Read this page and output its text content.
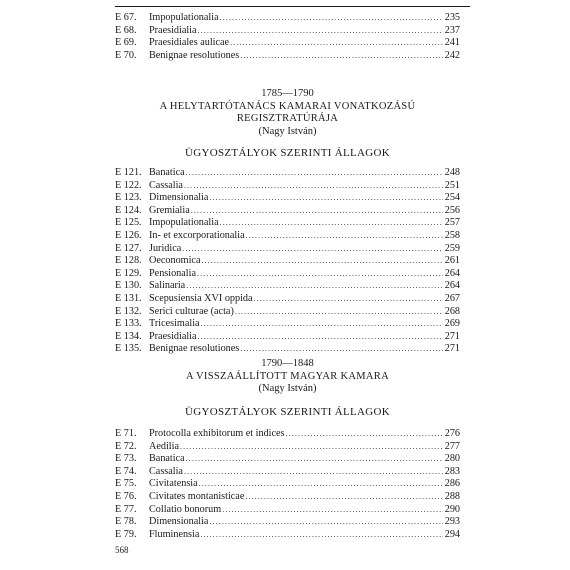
E 67.	Impopulationalia .....	235
E 68.	Praesidialia .....	237
E 69.	Praesidiales aulicae .....	241
E 70.	Benignae resolutiones .....	242
1785—1790
A HELYTARTÓTANÁCS KAMARAI VONATKOZÁSÚ
REGISZTRATÚRÁJA
(Nagy István)
ÜGYOSZTÁLYOK SZERINTI ÁLLAGOK
E 121. Banatica .....	248
E 122. Cassalia .....	251
E 123. Dimensionalia .....	254
E 124. Gremialia .....	256
E 125. Impopulationalia .....	257
E 126. In- et excorporationalia .....	258
E 127. Juridica .....	259
E 128. Oeconomica .....	261
E 129. Pensionalia .....	264
E 130. Salinaria .....	264
E 131. Scepusiensia XVI oppida .....	267
E 132. Serici culturae (acta) .....	268
E 133. Tricesimalia .....	269
E 134. Praesidialia .....	271
E 135. Benignae resolutiones .....	271
1790—1848
A VISSZAÁLLÍTOTT MAGYAR KAMARA
(Nagy István)
ÜGYOSZTÁLYOK SZERINTI ÁLLAGOK
E 71.	Protocolla exhibitorum et indices .....	276
E 72.	Aedilia .....	277
E 73.	Banatica .....	280
E 74.	Cassalia .....	283
E 75.	Civitatensia .....	286
E 76.	Civitates montanisticae .....	288
E 77.	Collatio bonorum .....	290
E 78.	Dimensionalia .....	293
E 79.	Fluminensia .....	294
568
